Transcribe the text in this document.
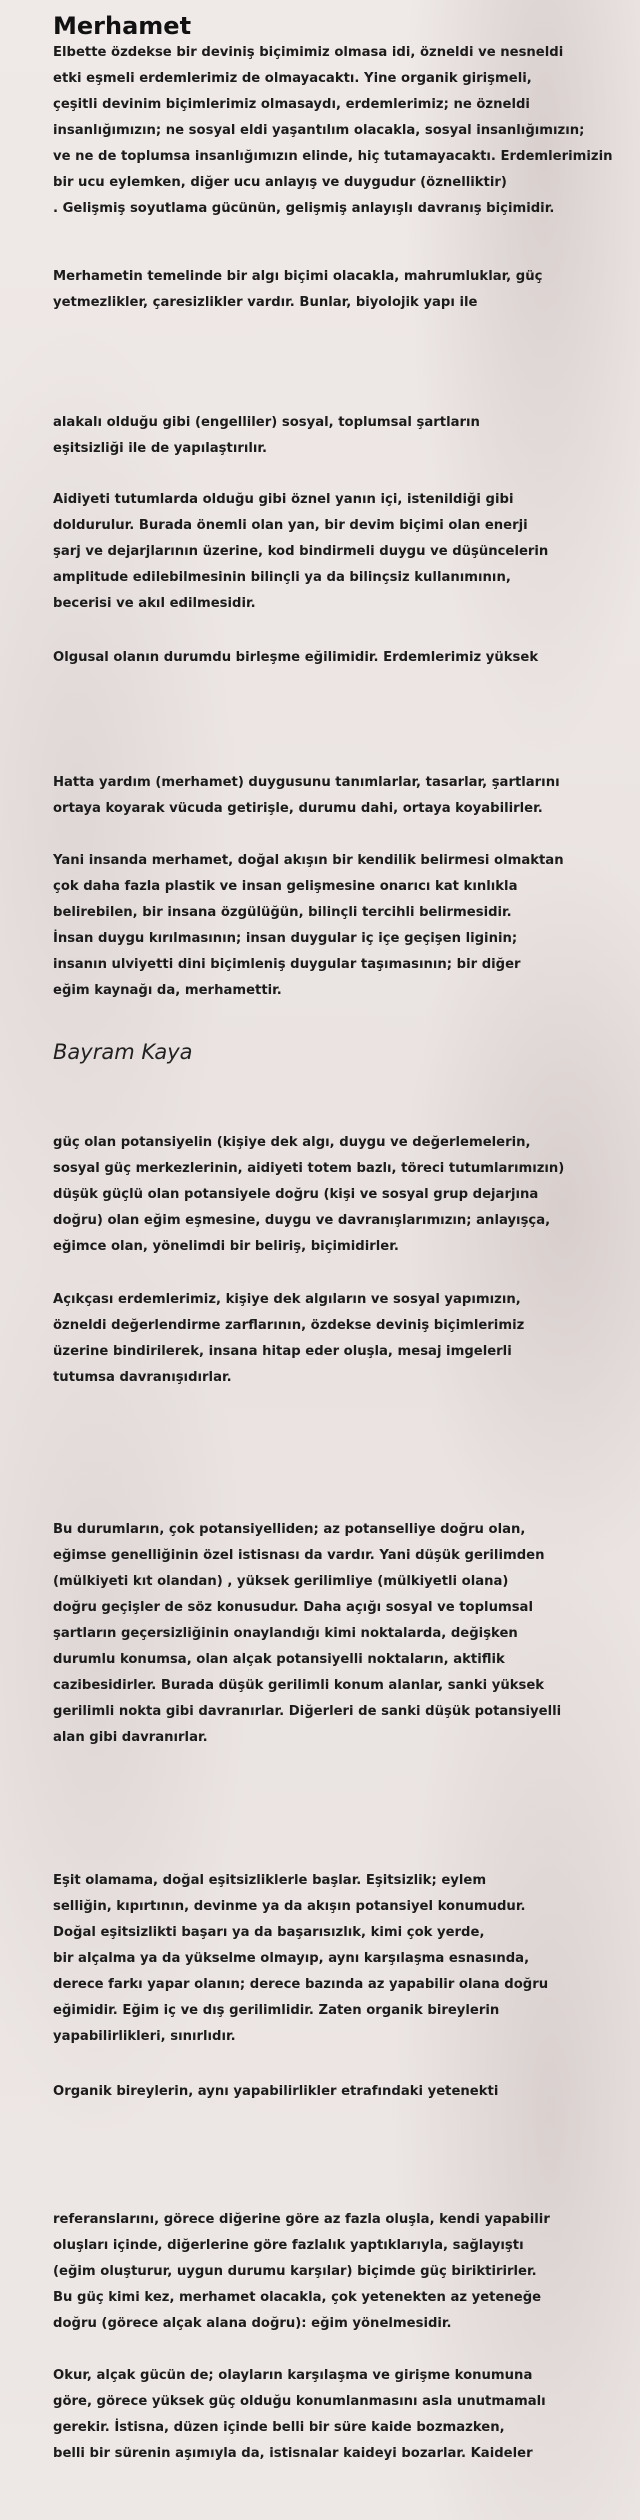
Merhamet
Elbette özdekse bir deviniş biçimimiz olmasa idi, özneldi ve nesneldi
etki eşmeli erdemlerimiz de olmayacaktı. Yine organik girişmeli,
çeşitli devinim biçimlerimiz olmasaydı, erdemlerimiz; ne özneldi
insanlığımızın; ne sosyal eldi yaşantılım olacakla, sosyal insanlığımızın;
ve ne de toplumsa insanlığımızın elinde, hiç tutamayacaktı. Erdemlerimizin
bir ucu eylemken, diğer ucu anlayış ve duygudur (öznelliktir)
. Gelişmiş soyutlama gücünün, gelişmiş anlayışlı davranış biçimidir.
Merhametin temelinde bir algı biçimi olacakla, mahrumluklar, güç
yetmezlikler, çaresizlikler vardır. Bunlar, biyolojik yapı ile
alakalı olduğu gibi (engelliler) sosyal, toplumsal şartların
eşitsizliği ile de yapılaştırılır.
Aidiyeti tutumlarda olduğu gibi öznel yanın içi, istenildiği gibi
doldurulur. Burada önemli olan yan, bir devim biçimi olan enerji
şarj ve dejarjlarının üzerine, kod bindirmeli duygu ve düşüncelerin
amplitude edilebilmesinin bilinçli ya da bilinçsiz kullanımının,
becerisi ve akıl edilmesidir.
Olgusal olanın durumdu birleşme eğilimidir. Erdemlerimiz yüksek
Hatta yardım (merhamet) duygusunu tanımlarlar, tasarlar, şartlarını
ortaya koyarak vücuda getirişle, durumu dahi, ortaya koyabilirler.
Yani insanda merhamet, doğal akışın bir kendilik belirmesi olmaktan
çok daha fazla plastik ve insan gelişmesine onarıcı kat kınlıkla
belirebilen, bir insana özgülüğün, bilinçli tercihli belirmesidir.
İnsan duygu kırılmasının; insan duygular iç içe geçişen liginin;
insanın ulviyetti dini biçimleniş duygular taşımasının; bir diğer
eğim kaynağı da, merhamettir.
Bayram Kaya
güç olan potansiyelin (kişiye dek algı, duygu ve değerlemelerin,
sosyal güç merkezlerinin, aidiyeti totem bazlı, töreci tutumlarımızın)
düşük güçlü olan potansiyele doğru (kişi ve sosyal grup dejarjına
doğru) olan eğim eşmesine, duygu ve davranışlarımızın; anlayışça,
eğimce olan, yönelimdi bir beliriş, biçimidirler.
Açıkçası erdemlerimiz, kişiye dek algıların ve sosyal yapımızın,
özneldi değerlendirme zarflarının, özdekse deviniş biçimlerimiz
üzerine bindirilerek, insana hitap eder oluşla, mesaj imgelerli
tutumsa davranışıdırlar.
Bu durumların, çok potansiyelliden; az potanselliye doğru olan,
eğimse genelliğinin özel istisnası da vardır. Yani düşük gerilimden
(mülkiyeti kıt olandan) , yüksek gerilimliye (mülkiyetli olana)
doğru geçişler de söz konusudur. Daha açığı sosyal ve toplumsal
şartların geçersizliğinin onaylandığı kimi noktalarda, değişken
durumlu konumsa, olan alçak potansiyelli noktaların, aktiflik
cazibesidirler. Burada düşük gerilimli konum alanlar, sanki yüksek
gerilimli nokta gibi davranırlar. Diğerleri de sanki düşük potansiyelli
alan gibi davranırlar.
Eşit olamama, doğal eşitsizliklerle başlar. Eşitsizlik; eylem
selliğin, kıpırtının, devinme ya da akışın potansiyel konumudur.
Doğal eşitsizlikti başarı ya da başarısızlık, kimi çok yerde,
bir alçalma ya da yükselme olmayıp, aynı karşılaşma esnasında,
derece farkı yapar olanın; derece bazında az yapabilir olana doğru
eğimidir. Eğim iç ve dış gerilimlidir. Zaten organik bireylerin
yapabilirlikleri, sınırlıdır.
Organik bireylerin, aynı yapabilirlikler etrafındaki yetenekti
referanslarını, görece diğerine göre az fazla oluşla, kendi yapabilir
oluşları içinde, diğerlerine göre fazlalık yaptıklarıyla, sağlayıştı
(eğim oluşturur, uygun durumu karşılar) biçimde güç biriktirirler.
Bu güç kimi kez, merhamet olacakla, çok yetenekten az yeteneğe
doğru (görece alçak alana doğru): eğim yönelmesidir.
Okur, alçak gücün de; olayların karşılaşma ve girişme konumuna
göre, görece yüksek güç olduğu konumlanmasını asla unutmamalı
gerekir. İstisna, düzen içinde belli bir süre kaide bozmazken,
belli bir sürenin aşımıyla da, istisnalar kaideyi bozarlar. Kaideler
